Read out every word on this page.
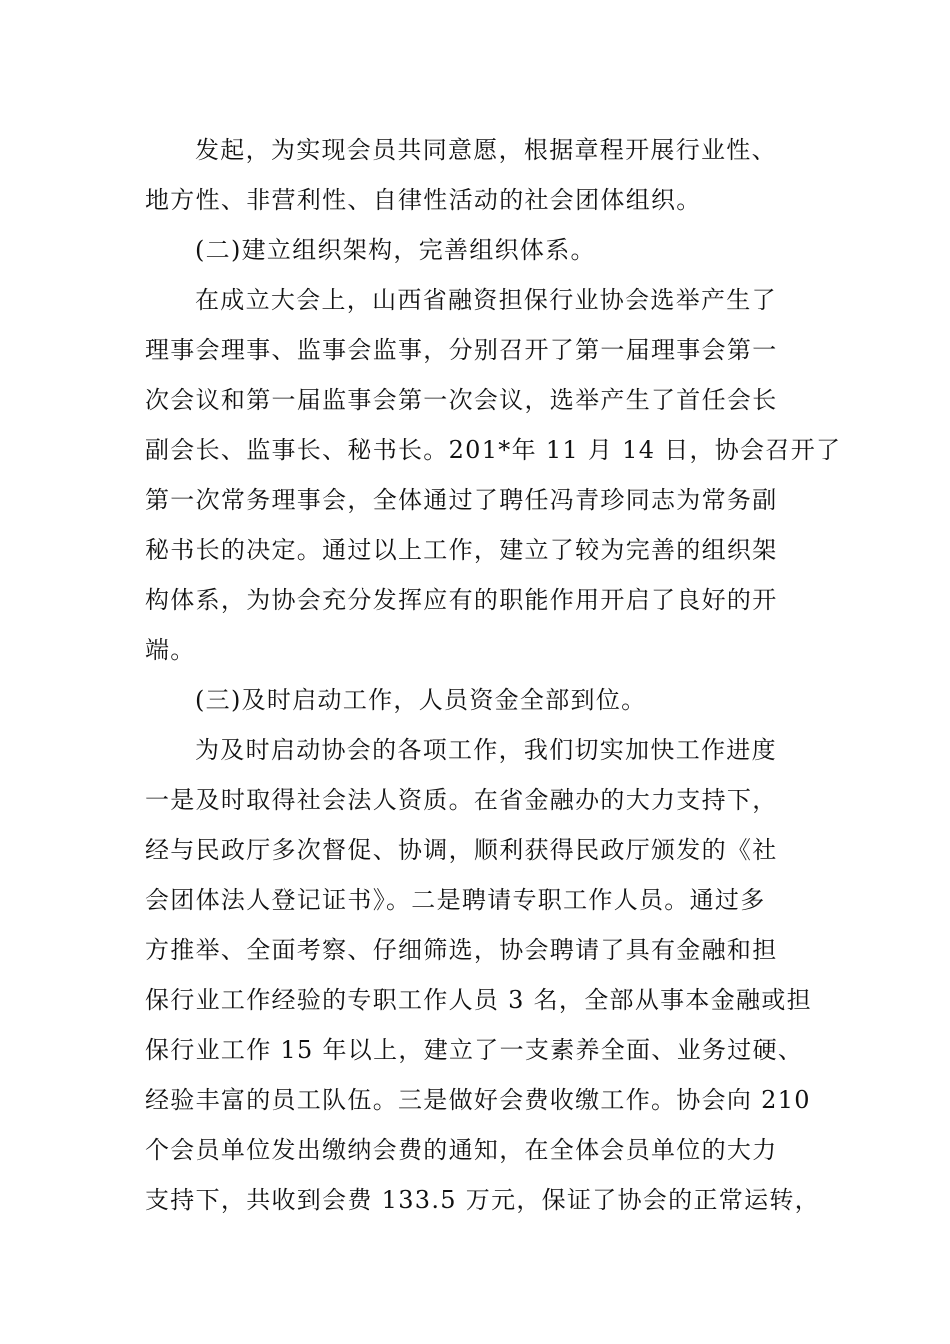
发起，为实现会员共同意愿，根据章程开展行业性、
地方性、非营利性、自律性活动的社会团体组织。
(二)建立组织架构，完善组织体系。
在成立大会上，山西省融资担保行业协会选举产生了
理事会理事、监事会监事，分别召开了第一届理事会第一
次会议和第一届监事会第一次会议，选举产生了首任会长
副会长、监事长、秘书长。201*年 11 月 14 日，协会召开了
第一次常务理事会，全体通过了聘任冯青珍同志为常务副
秘书长的决定。通过以上工作，建立了较为完善的组织架
构体系，为协会充分发挥应有的职能作用开启了良好的开
端。
(三)及时启动工作，人员资金全部到位。
为及时启动协会的各项工作，我们切实加快工作进度
一是及时取得社会法人资质。在省金融办的大力支持下，
经与民政厅多次督促、协调，顺利获得民政厅颁发的《社
会团体法人登记证书》。二是聘请专职工作人员。通过多
方推举、全面考察、仔细筛选，协会聘请了具有金融和担
保行业工作经验的专职工作人员 3 名，全部从事本金融或担
保行业工作 15 年以上，建立了一支素养全面、业务过硬、
经验丰富的员工队伍。三是做好会费收缴工作。协会向 210
个会员单位发出缴纳会费的通知，在全体会员单位的大力
支持下，共收到会费 133.5 万元，保证了协会的正常运转，
